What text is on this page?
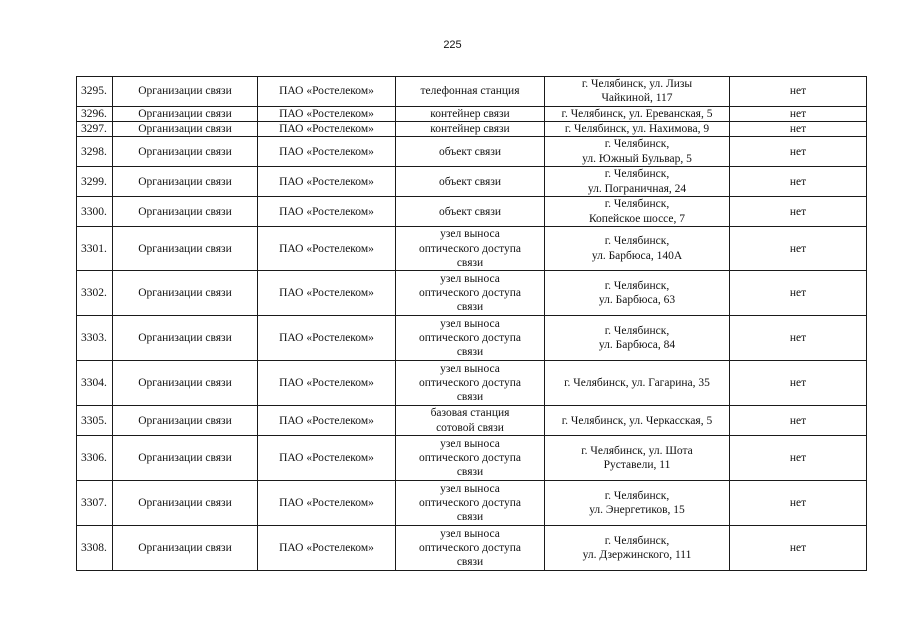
225
3295.	Организации связи	ПАО «Ростелеком»	телефонная станция	г. Челябинск, ул. Лизы
Чайкиной, 117	нет
3296.	Организации связи	ПАО «Ростелеком»	контейнер связи	г. Челябинск, ул. Ереванская, 5	нет
3297.	Организации связи	ПАО «Ростелеком»	контейнер связи	г. Челябинск, ул. Нахимова, 9	нет
3298.	Организации связи	ПАО «Ростелеком»	объект связи	г. Челябинск,
ул. Южный Бульвар, 5	нет
3299.	Организации связи	ПАО «Ростелеком»	объект связи	г. Челябинск,
ул. Пограничная, 24	нет
3300.	Организации связи	ПАО «Ростелеком»	объект связи	г. Челябинск,
Копейское шоссе, 7	нет
3301.	Организации связи	ПАО «Ростелеком»	узел выноса
оптического доступа
связи	г. Челябинск,
ул. Барбюса, 140А	нет
3302.	Организации связи	ПАО «Ростелеком»	узел выноса
оптического доступа
связи	г. Челябинск,
ул. Барбюса, 63	нет
3303.	Организации связи	ПАО «Ростелеком»	узел выноса
оптического доступа
связи	г. Челябинск,
ул. Барбюса, 84	нет
3304.	Организации связи	ПАО «Ростелеком»	узел выноса
оптического доступа
связи	г. Челябинск, ул. Гагарина, 35	нет
3305.	Организации связи	ПАО «Ростелеком»	базовая станция
сотовой связи	г. Челябинск, ул. Черкасская, 5	нет
3306.	Организации связи	ПАО «Ростелеком»	узел выноса
оптического доступа
связи	г. Челябинск, ул. Шота
Руставели, 11	нет
3307.	Организации связи	ПАО «Ростелеком»	узел выноса
оптического доступа
связи	г. Челябинск,
ул. Энергетиков, 15	нет
3308.	Организации связи	ПАО «Ростелеком»	узел выноса
оптического доступа
связи	г. Челябинск,
ул. Дзержинского, 111	нет
